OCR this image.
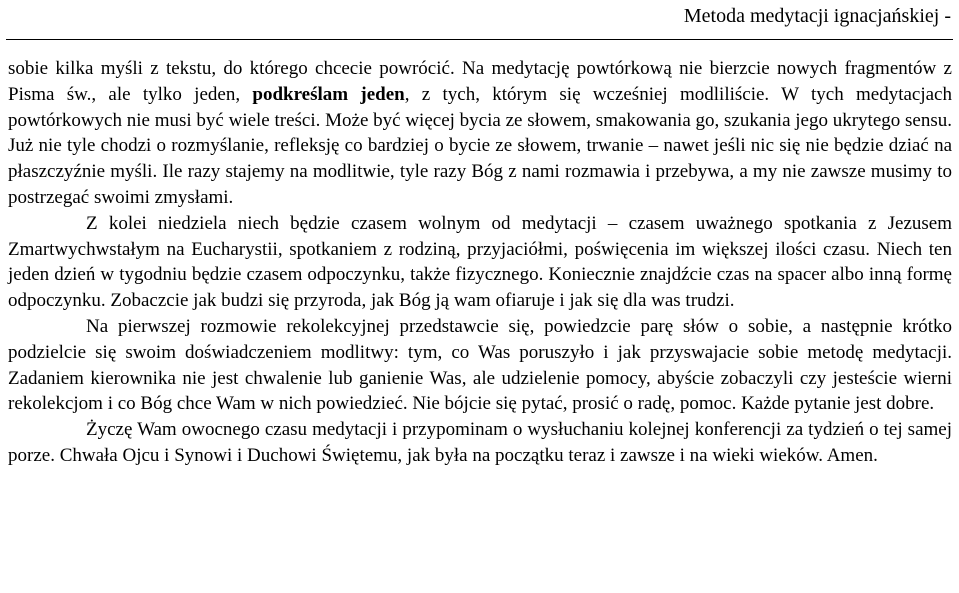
Metoda medytacji ignacjańskiej -

sobie kilka myśli z tekstu, do którego chcecie powrócić. Na medytację powtórkową nie bierzcie nowych fragmentów z Pisma św., ale tylko jeden, podkreślam jeden, z tych, którym się wcześniej modliliście. W tych medytacjach powtórkowych nie musi być wiele treści. Może być więcej bycia ze słowem, smakowania go, szukania jego ukrytego sensu. Już nie tyle chodzi o rozmyślanie, refleksję co bardziej o bycie ze słowem, trwanie – nawet jeśli nic się nie będzie dziać na płaszczyźnie myśli. Ile razy stajemy na modlitwie, tyle razy Bóg z nami rozmawia i przebywa, a my nie zawsze musimy to postrzegać swoimi zmysłami.

Z kolei niedziela niech będzie czasem wolnym od medytacji – czasem uważnego spotkania z Jezusem Zmartwychwstałym na Eucharystii, spotkaniem z rodziną, przyjaciółmi, poświęcenia im większej ilości czasu. Niech ten jeden dzień w tygodniu będzie czasem odpoczynku, także fizycznego. Koniecznie znajdźcie czas na spacer albo inną formę odpoczynku. Zobaczcie jak budzi się przyroda, jak Bóg ją wam ofiaruje i jak się dla was trudzi.

Na pierwszej rozmowie rekolekcyjnej przedstawcie się, powiedzcie parę słów o sobie, a następnie krótko podzielcie się swoim doświadczeniem modlitwy: tym, co Was poruszyło i jak przyswajacie sobie metodę medytacji. Zadaniem kierownika nie jest chwalenie lub ganienie Was, ale udzielenie pomocy, abyście zobaczyli czy jesteście wierni rekolekcjom i co Bóg chce Wam w nich powiedzieć. Nie bójcie się pytać, prosić o radę, pomoc. Każde pytanie jest dobre.

Życzę Wam owocnego czasu medytacji i przypominam o wysłuchaniu kolejnej konferencji za tydzień o tej samej porze. Chwała Ojcu i Synowi i Duchowi Świętemu, jak była na początku teraz i zawsze i na wieki wieków. Amen.
